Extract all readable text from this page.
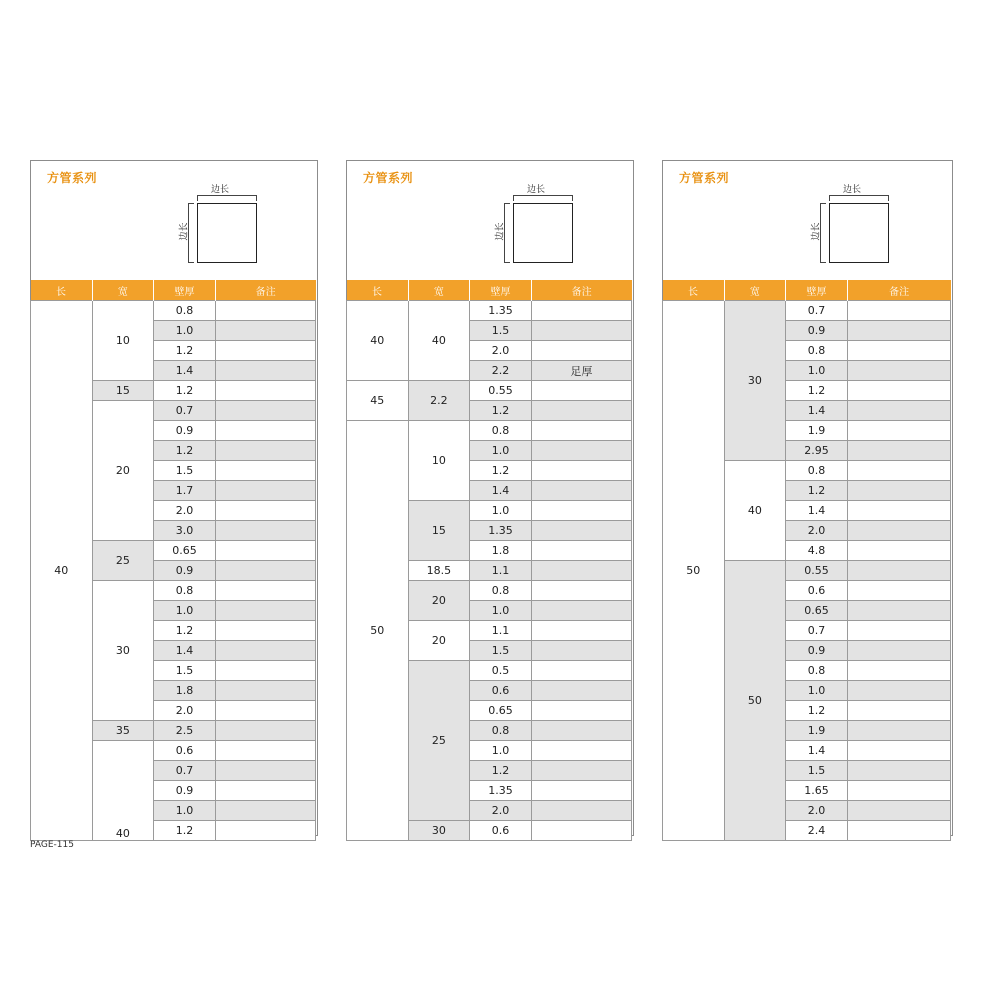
方管系列
边长
边长
长	宽	壁厚	备注
40	10	0.8	
		1.0	
		1.2	
		1.4	
	15	1.2	
	20	0.7	
		0.9	
		1.2	
		1.5	
		1.7	
		2.0	
		3.0	
	25	0.65	
		0.9	
	30	0.8	
		1.0	
		1.2	
		1.4	
		1.5	
		1.8	
		2.0	
	35	2.5	
	40	0.6	
		0.7	
		0.9	
		1.0	
		1.2	
方管系列
边长
边长
长	宽	壁厚	备注
40	40	1.35	
		1.5	
		2.0	
		2.2	足厚
45	2.2	0.55	
		1.2	
50	10	0.8	
		1.0	
		1.2	
		1.4	
	15	1.0	
		1.35	
		1.8	
	18.5	1.1	
	20	0.8	
		1.0	
	20	1.1	
		1.5	
	25	0.5	
		0.6	
		0.65	
		0.8	
		1.0	
		1.2	
		1.35	
		2.0	
	30	0.6	
方管系列
边长
边长
长	宽	壁厚	备注
50	30	0.7	
		0.9	
		0.8	
		1.0	
		1.2	
		1.4	
		1.9	
		2.95	
	40	0.8	
		1.2	
		1.4	
		2.0	
		4.8	
	50	0.55	
		0.6	
		0.65	
		0.7	
		0.9	
		0.8	
		1.0	
		1.2	
		1.9	
		1.4	
		1.5	
		1.65	
		2.0	
		2.4	
PAGE-115
